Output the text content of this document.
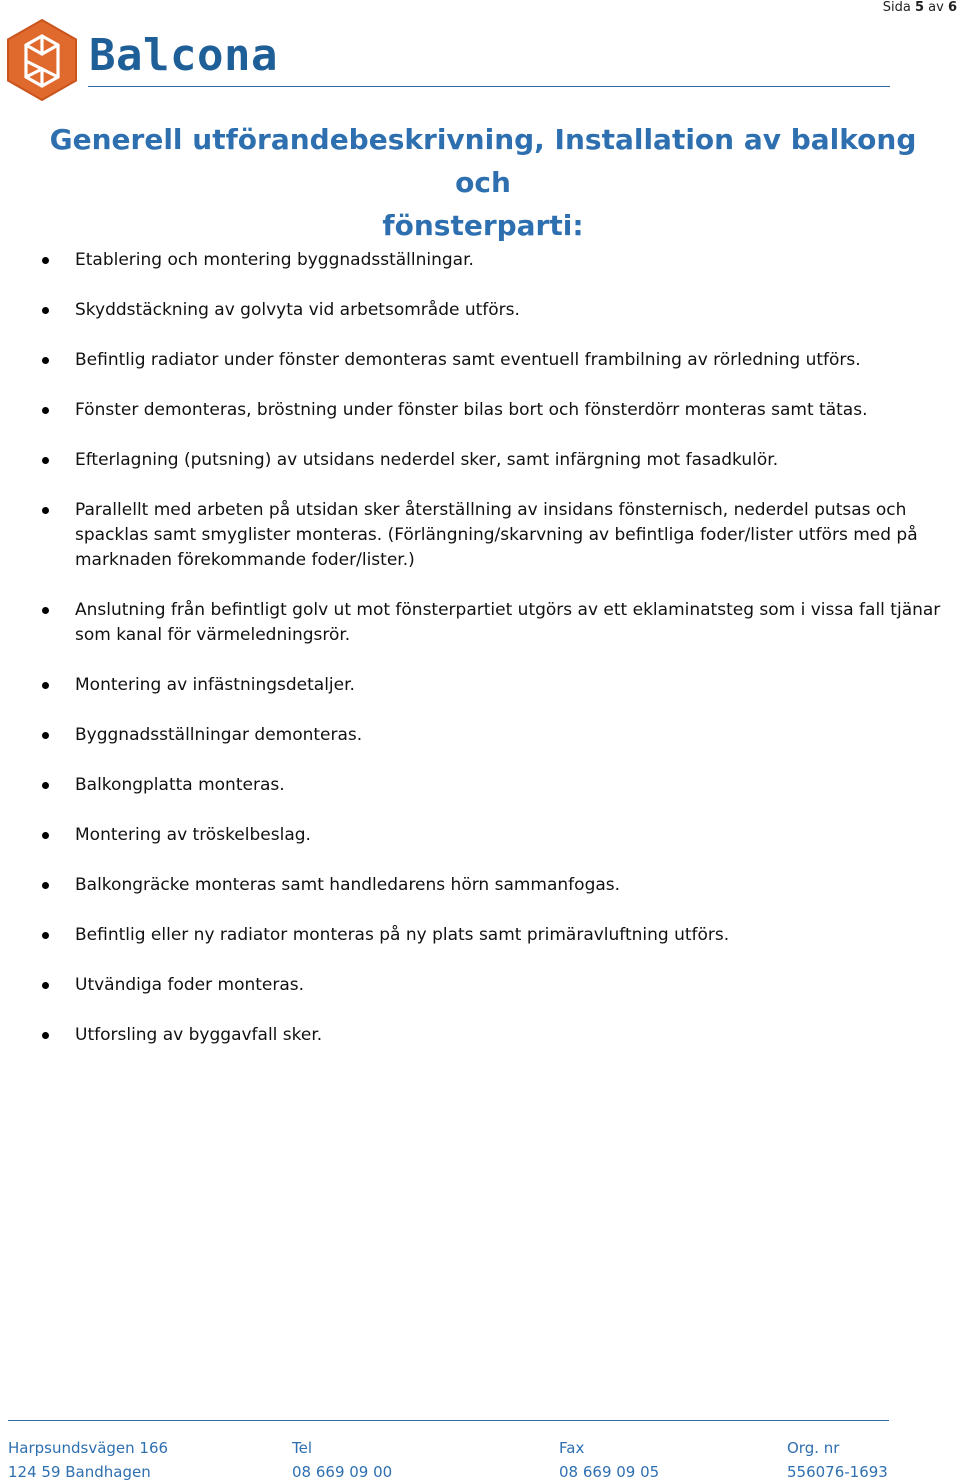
Sida 5 av 6
Balcona
Generell utförandebeskrivning, Installation av balkong och
fönsterparti:
Etablering och montering byggnadsställningar.
Skyddstäckning av golvyta vid arbetsområde utförs.
Befintlig radiator under fönster demonteras samt eventuell frambilning av rörledning utförs.
Fönster demonteras, bröstning under fönster bilas bort och fönsterdörr monteras samt tätas.
Efterlagning (putsning) av utsidans nederdel sker, samt infärgning mot fasadkulör.
Parallellt med arbeten på utsidan sker återställning av insidans fönsternisch, nederdel putsas och spacklas samt smyglister monteras. (Förlängning/skarvning av befintliga foder/lister utförs med på marknaden förekommande foder/lister.)
Anslutning från befintligt golv ut mot fönsterpartiet utgörs av ett eklaminatsteg som i vissa fall tjänar som kanal för värmeledningsrör.
Montering av infästningsdetaljer.
Byggnadsställningar demonteras.
Balkongplatta monteras.
Montering av tröskelbeslag.
Balkongräcke monteras samt handledarens hörn sammanfogas.
Befintlig eller ny radiator monteras på ny plats samt primäravluftning utförs.
Utvändiga foder monteras.
Utforsling av byggavfall sker.
Harpsundsvägen 166
124 59 Bandhagen
Tel
08 669 09 00
Fax
08 669 09 05
Org. nr
556076-1693
